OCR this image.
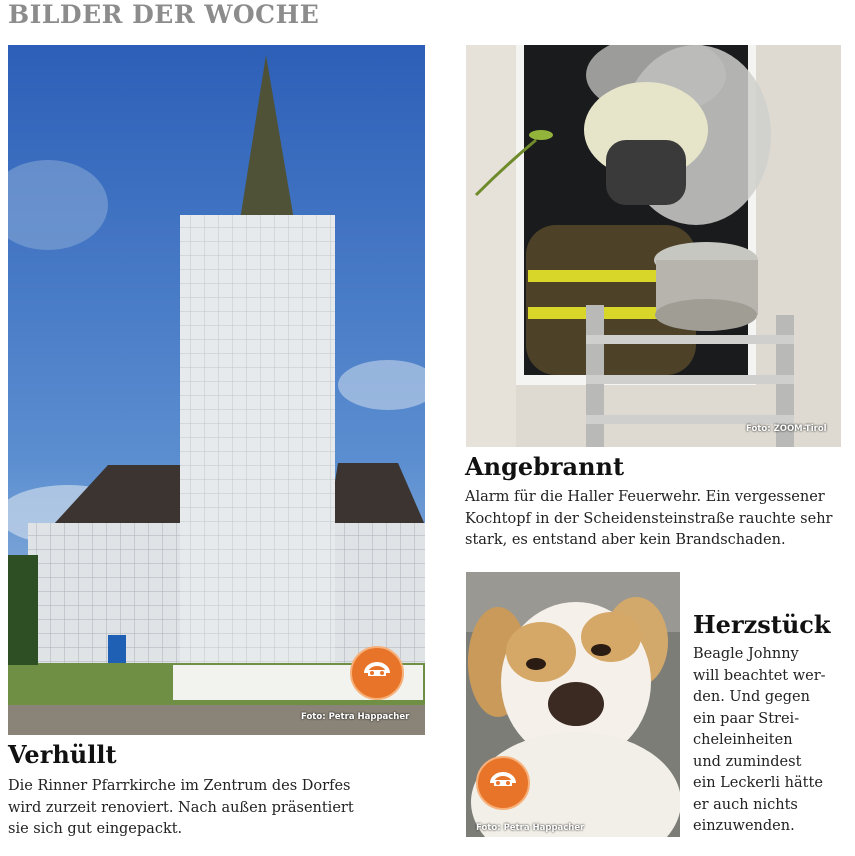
BILDER DER WOCHE
Foto: Petra Happacher
Verhüllt
Die Rinner Pfarrkirche im Zentrum des Dorfes
wird zurzeit renoviert. Nach außen präsentiert
sie sich gut eingepackt.
Foto: ZOOM-Tirol
Angebrannt
Alarm für die Haller Feuerwehr. Ein vergessener
Kochtopf in der Scheidensteinstraße rauchte sehr
stark, es entstand aber kein Brandschaden.
Foto: Petra Happacher
Herzstück
Beagle Johnny
will beachtet wer-
den. Und gegen
ein paar Strei-
cheleinheiten
und zumindest
ein Leckerli hätte
er auch nichts
einzuwenden.
